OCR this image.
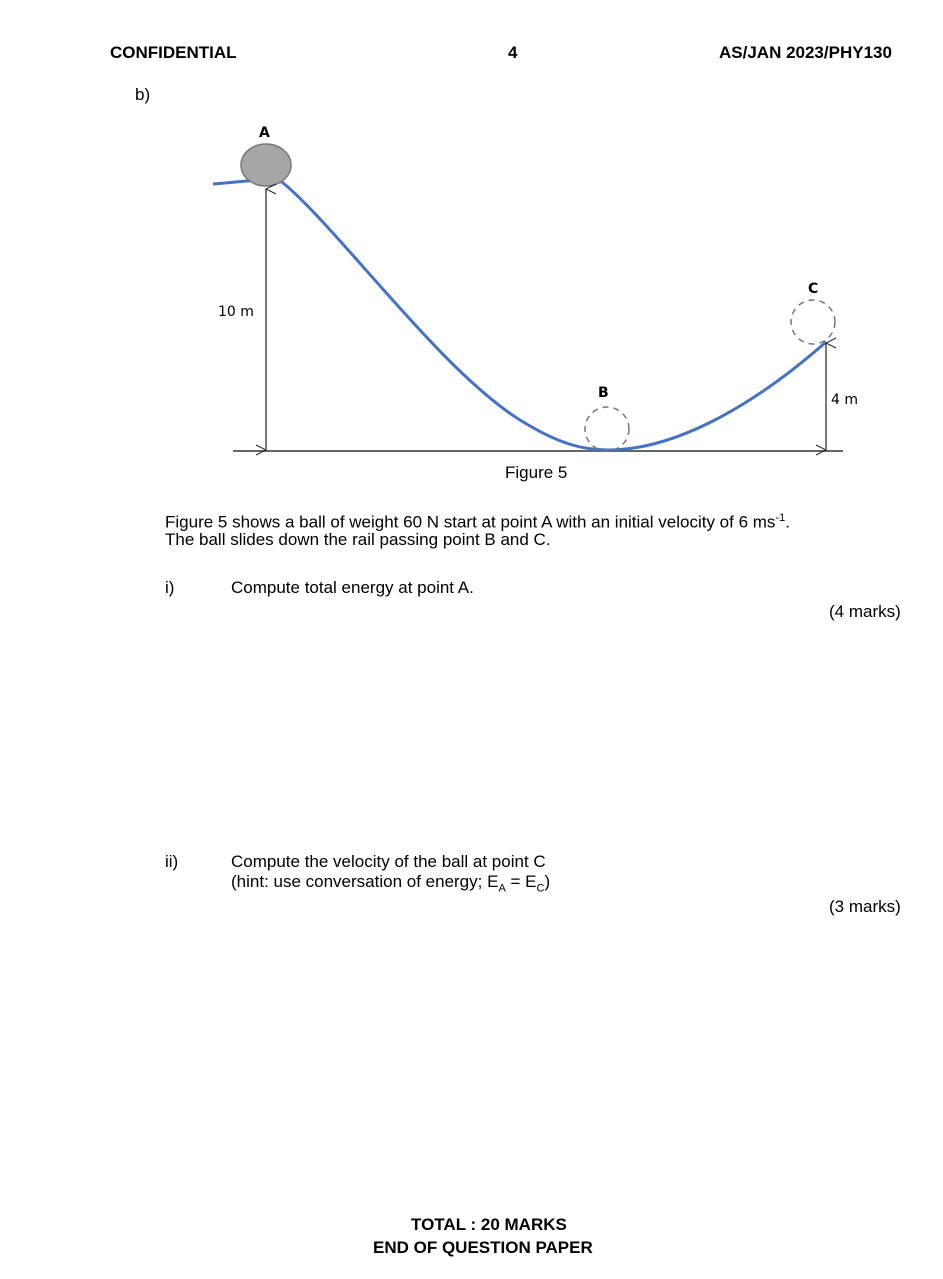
CONFIDENTIAL	4	AS/JAN 2023/PHY130
b)
A
B
C
10 m
4 m
Figure 5
Figure 5 shows a ball of weight 60 N start at point A with an initial velocity of 6 $ms^{-1}$.
The ball slides down the rail passing point B and C.
i)	Compute total energy at point A.
(4 marks)
ii)	Compute the velocity of the ball at point C
(hint: use conversation of energy; $E_A = E_C$)
(3 marks)
TOTAL : 20 MARKS
END OF QUESTION PAPER
